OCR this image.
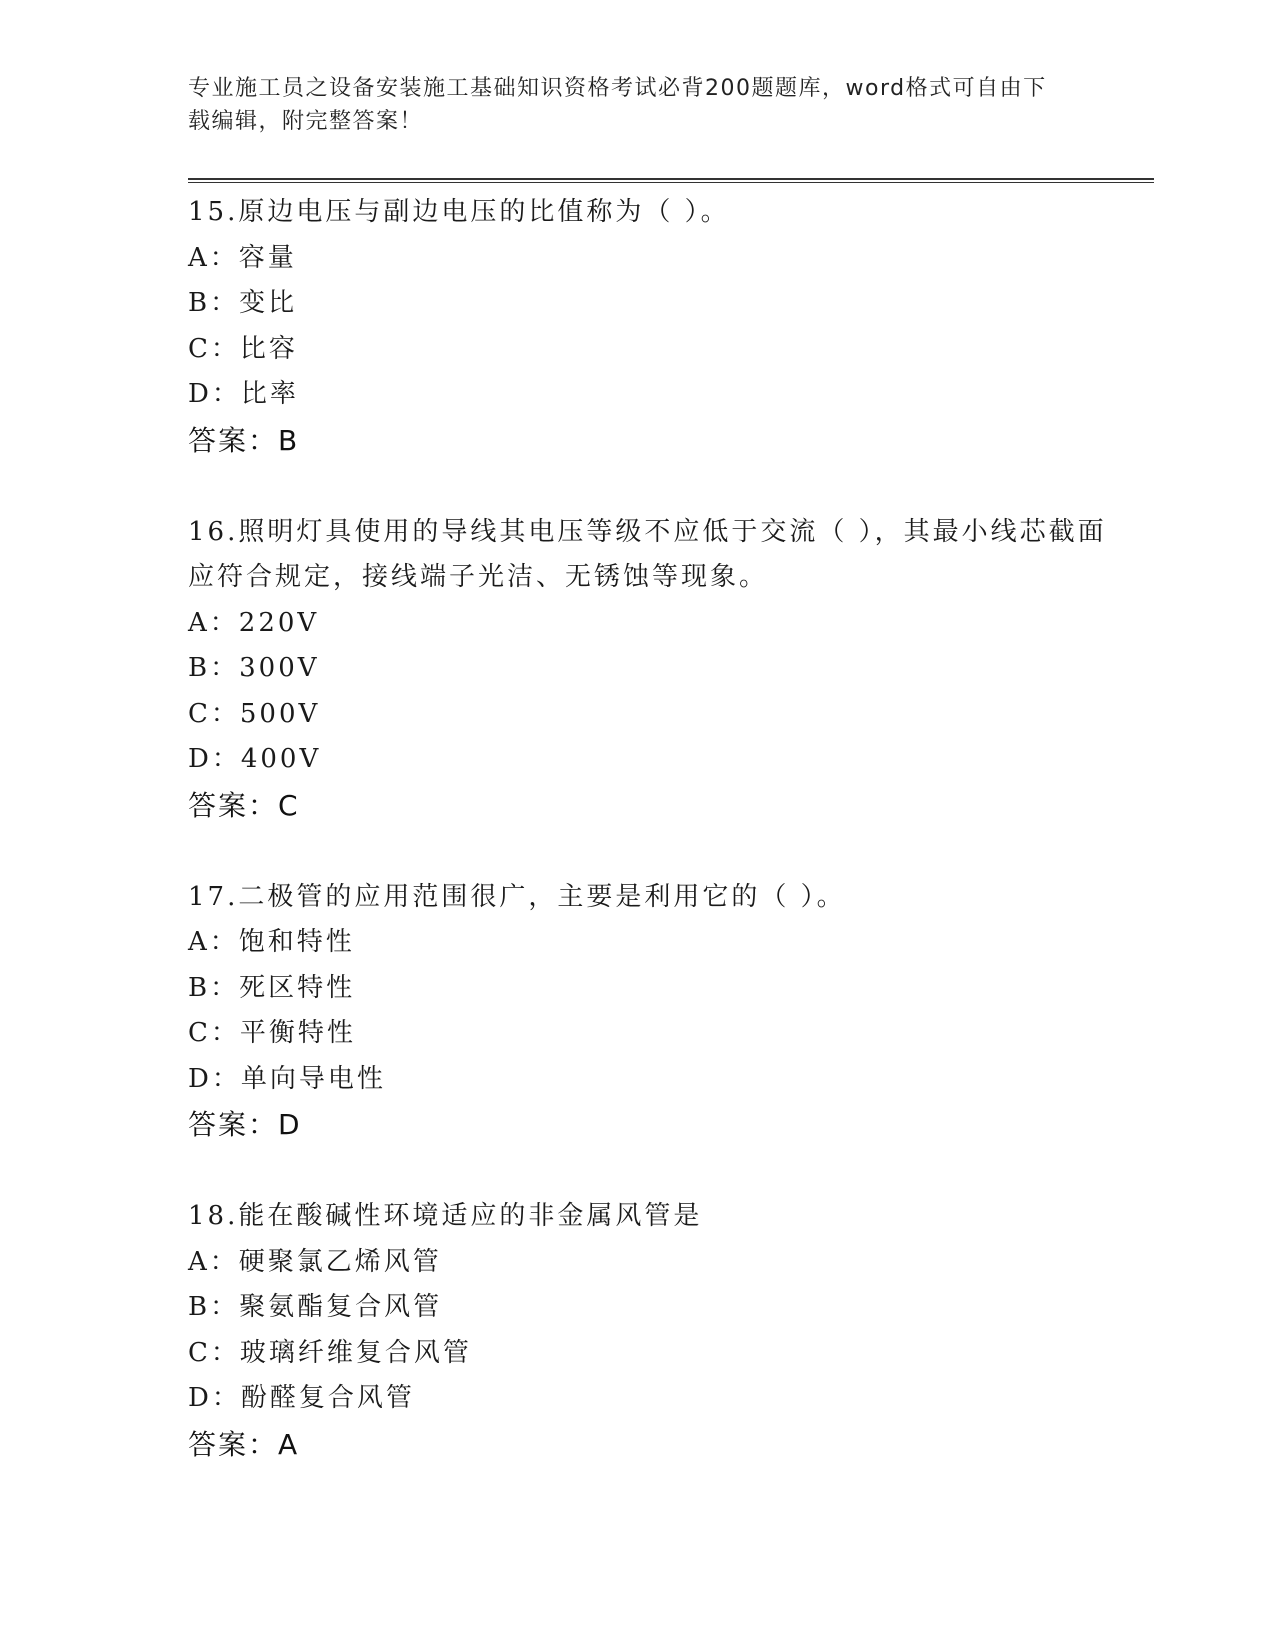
专业施工员之设备安装施工基础知识资格考试必背200题题库，word格式可自由下载编辑，附完整答案！

15.原边电压与副边电压的比值称为（ ）。

A：容量
B：变比
C：比容
D：比率

答案：B

16.照明灯具使用的导线其电压等级不应低于交流（ ），其最小线芯截面应符合规定，接线端子光洁、无锈蚀等现象。

A：220V
B：300V
C：500V
D：400V

答案：C

17.二极管的应用范围很广，主要是利用它的（ ）。

A：饱和特性
B：死区特性
C：平衡特性
D：单向导电性

答案：D

18.能在酸碱性环境适应的非金属风管是

A：硬聚氯乙烯风管
B：聚氨酯复合风管
C：玻璃纤维复合风管
D：酚醛复合风管

答案：A
